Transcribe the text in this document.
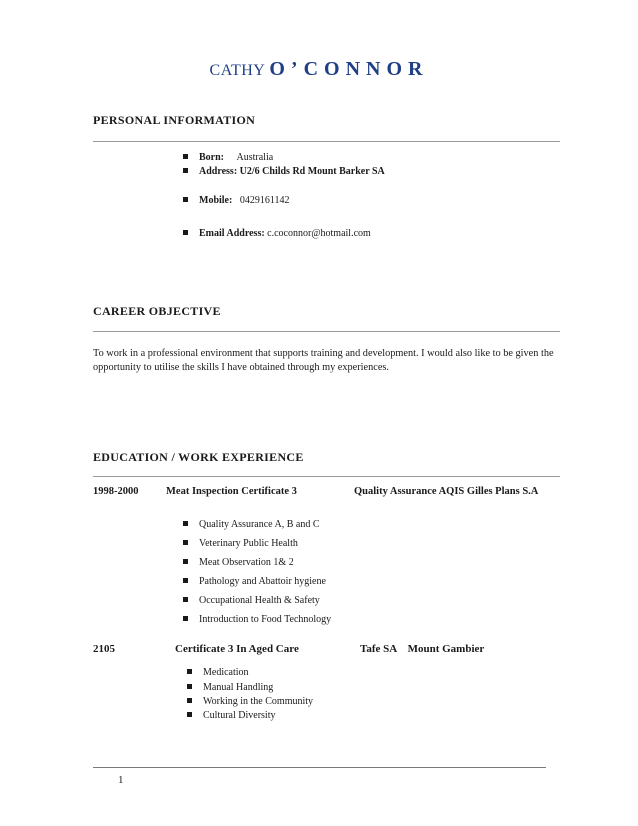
CATHY O’CONNOR
PERSONAL INFORMATION
Born: Australia
Address: U2/6 Childs Rd Mount Barker SA
Mobile: 0429161142
Email Address: c.coconnor@hotmail.com
CAREER OBJECTIVE
To work in a professional environment that supports training and development. I would also like to be given the opportunity to utilise the skills I have obtained through my experiences.
EDUCATION / WORK EXPERIENCE
1998-2000	Meat Inspection Certificate 3	Quality Assurance AQIS Gilles Plans S.A
Quality Assurance A, B and C
Veterinary Public Health
Meat Observation 1& 2
Pathology and Abattoir hygiene
Occupational Health & Safety
Introduction to Food Technology
2105	Certificate 3 In Aged Care	Tafe SA    Mount Gambier
Medication
Manual Handling
Working in the Community
Cultural Diversity
1
